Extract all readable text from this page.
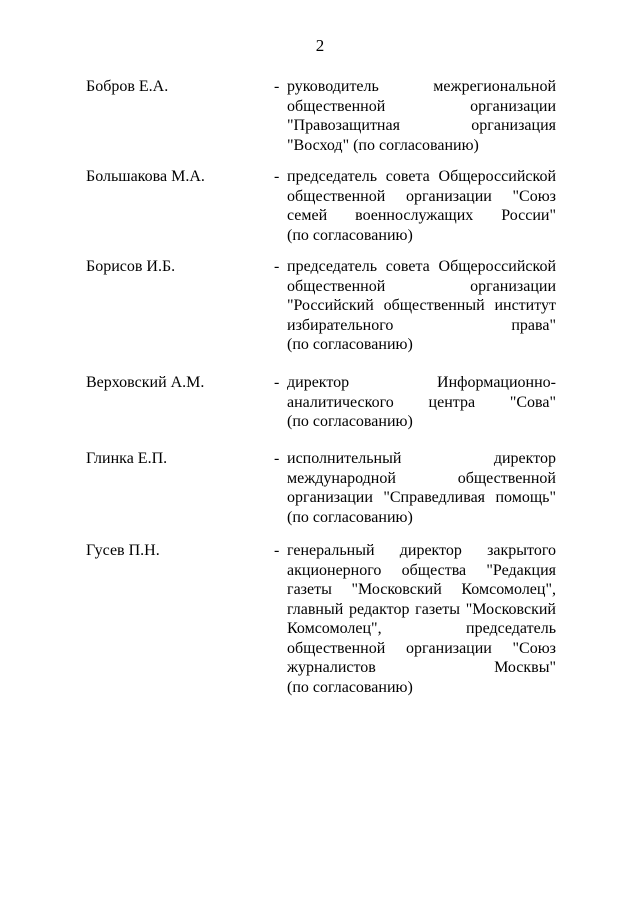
2
Бобров Е.А.	- руководитель межрегиональной
общественной организации
"Правозащитная организация
"Восход" (по согласованию)
Большакова М.А.	- председатель совета Общероссийской
общественной организации "Союз
семей военнослужащих России"
(по согласованию)
Борисов И.Б.	- председатель совета Общероссийской
общественной организации
"Российский общественный институт
избирательного права"
(по согласованию)
Верховский А.М.	- директор Информационно-
аналитического центра "Сова"
(по согласованию)
Глинка Е.П.	- исполнительный директор
международной общественной
организации "Справедливая помощь"
(по согласованию)
Гусев П.Н.	- генеральный директор закрытого
акционерного общества "Редакция
газеты "Московский Комсомолец",
главный редактор газеты "Московский
Комсомолец", председатель
общественной организации "Союз
журналистов Москвы"
(по согласованию)
